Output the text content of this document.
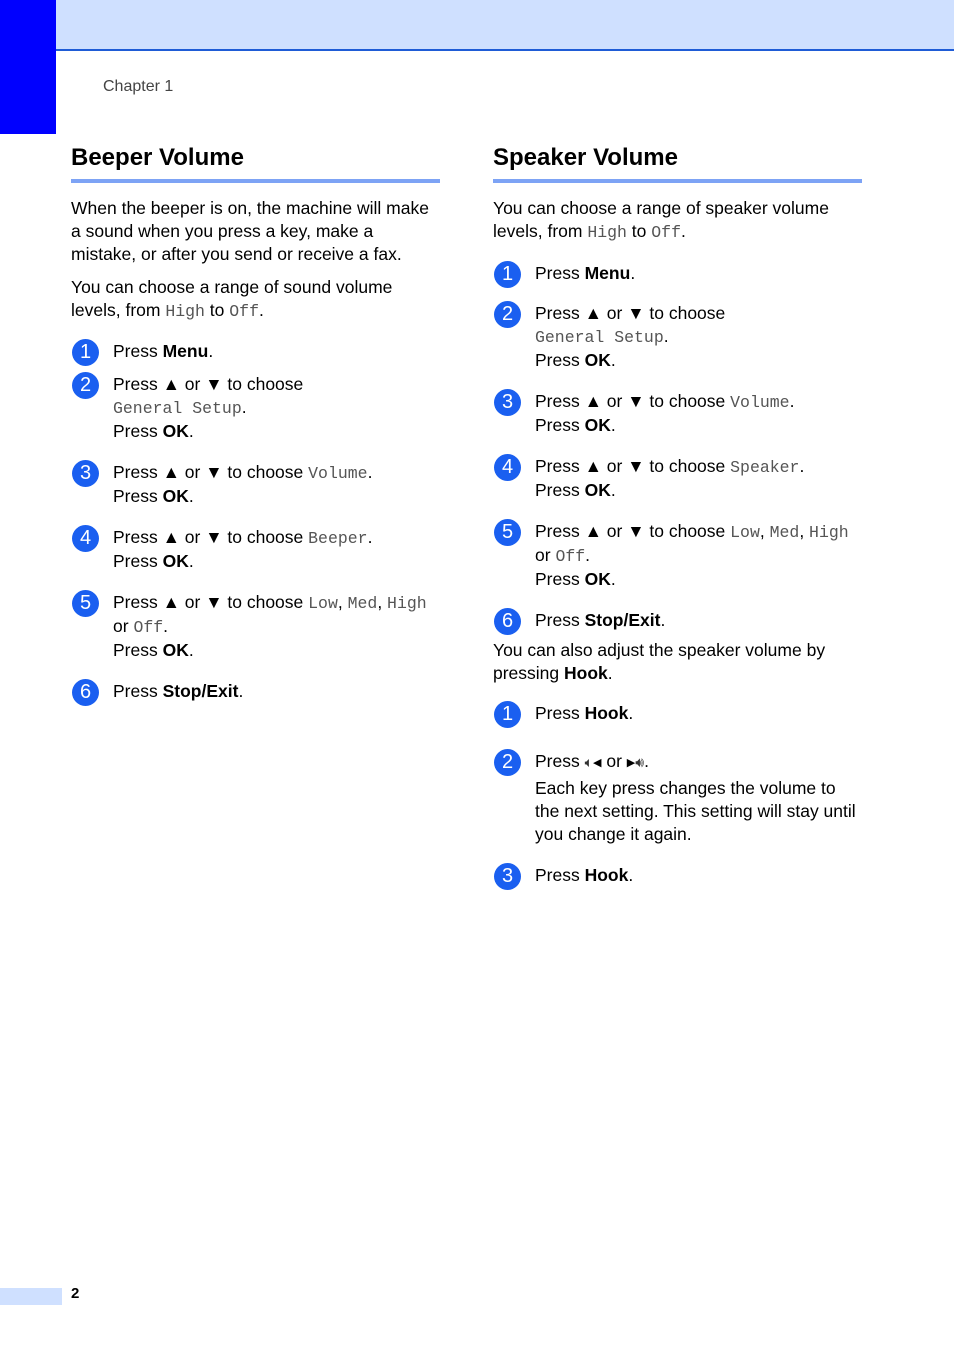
Chapter 1
Beeper Volume

When the beeper is on, the machine will make a sound when you press a key, make a mistake, or after you send or receive a fax.

You can choose a range of sound volume levels, from High to Off.

1	Press Menu.
2	Press ▲ or ▼ to choose
General Setup.
Press OK.
3	Press ▲ or ▼ to choose Volume.
Press OK.
4	Press ▲ or ▼ to choose Beeper.
Press OK.
5	Press ▲ or ▼ to choose Low, Med, High
or Off.
Press OK.
6	Press Stop/Exit.
Speaker Volume

You can choose a range of speaker volume levels, from High to Off.

1	Press Menu.
2	Press ▲ or ▼ to choose
General Setup.
Press OK.
3	Press ▲ or ▼ to choose Volume.
Press OK.
4	Press ▲ or ▼ to choose Speaker.
Press OK.
5	Press ▲ or ▼ to choose Low, Med, High
or Off.
Press OK.
6	Press Stop/Exit.

You can also adjust the speaker volume by pressing Hook.

1	Press Hook.
2	Press 🔈︎◀ or ▶🔊︎.
Each key press changes the volume to the next setting. This setting will stay until you change it again.
3	Press Hook.
2
